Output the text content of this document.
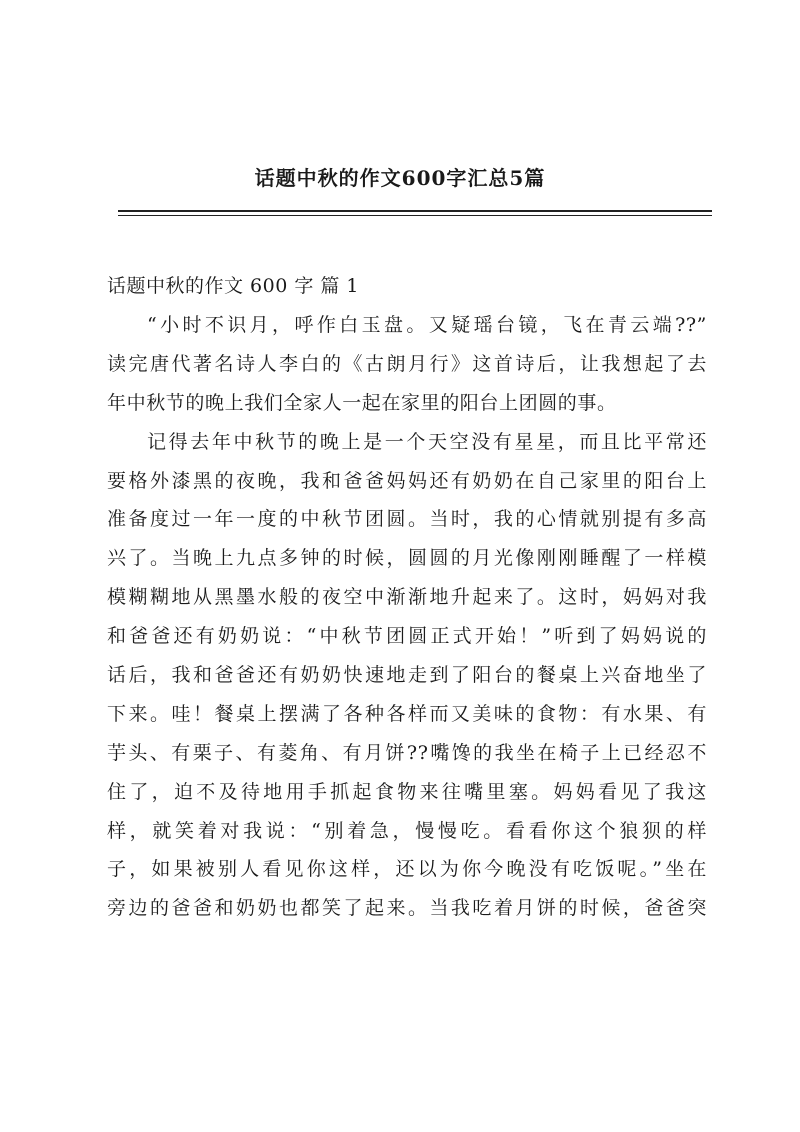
话题中秋的作文600字汇总5篇
话题中秋的作文 600 字 篇 1
“小时不识月，呼作白玉盘。又疑瑶台镜，飞在青云端??”
读完唐代著名诗人李白的《古朗月行》这首诗后，让我想起了去
年中秋节的晚上我们全家人一起在家里的阳台上团圆的事。
记得去年中秋节的晚上是一个天空没有星星，而且比平常还
要格外漆黑的夜晚，我和爸爸妈妈还有奶奶在自己家里的阳台上
准备度过一年一度的中秋节团圆。当时，我的心情就别提有多高
兴了。当晚上九点多钟的时候，圆圆的月光像刚刚睡醒了一样模
模糊糊地从黑墨水般的夜空中渐渐地升起来了。这时，妈妈对我
和爸爸还有奶奶说：“中秋节团圆正式开始！”听到了妈妈说的
话后，我和爸爸还有奶奶快速地走到了阳台的餐桌上兴奋地坐了
下来。哇！餐桌上摆满了各种各样而又美味的食物：有水果、有
芋头、有栗子、有菱角、有月饼??嘴馋的我坐在椅子上已经忍不
住了，迫不及待地用手抓起食物来往嘴里塞。妈妈看见了我这
样，就笑着对我说：“别着急，慢慢吃。看看你这个狼狈的样
子，如果被别人看见你这样，还以为你今晚没有吃饭呢。”坐在
旁边的爸爸和奶奶也都笑了起来。当我吃着月饼的时候，爸爸突
